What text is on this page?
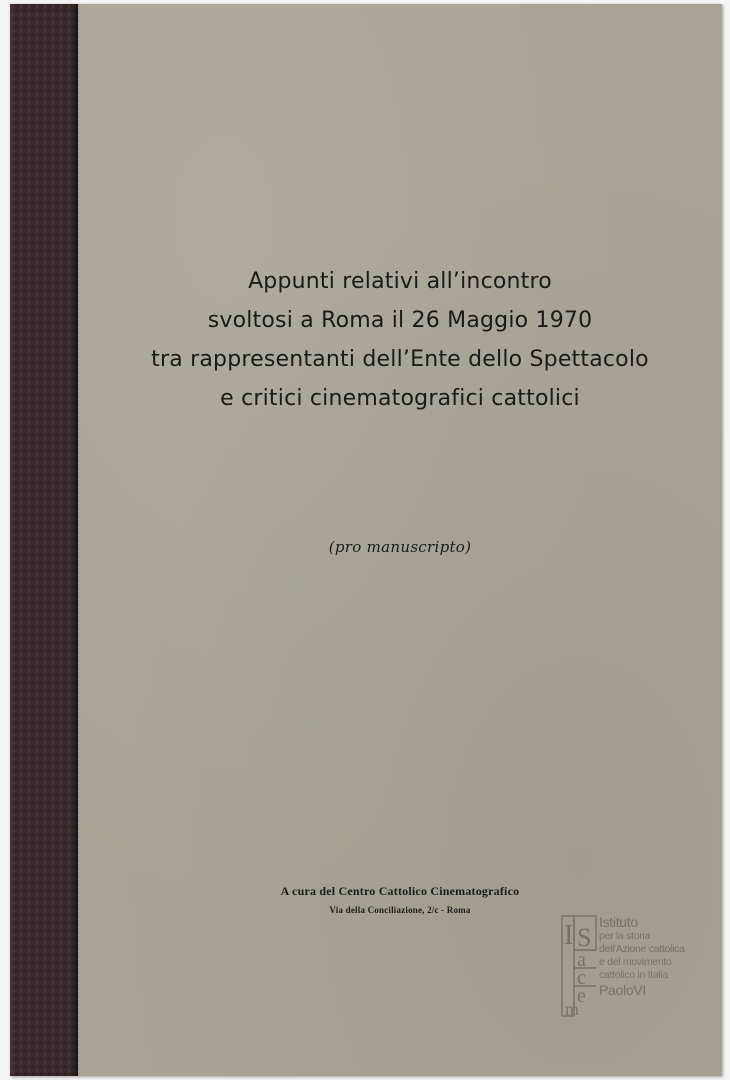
Appunti relativi all’incontro
svoltosi a Roma il 26 Maggio 1970
tra rappresentanti dell’Ente dello Spettacolo
e critici cinematografici cattolici
(pro manuscripto)
A cura del Centro Cattolico Cinematografico
Via della Conciliazione, 2/c - Roma
I S
a
c
e
m
Istituto
per la storia
dell'Azione cattolica
e del movimento
cattolico in Italia
PaoloVI
